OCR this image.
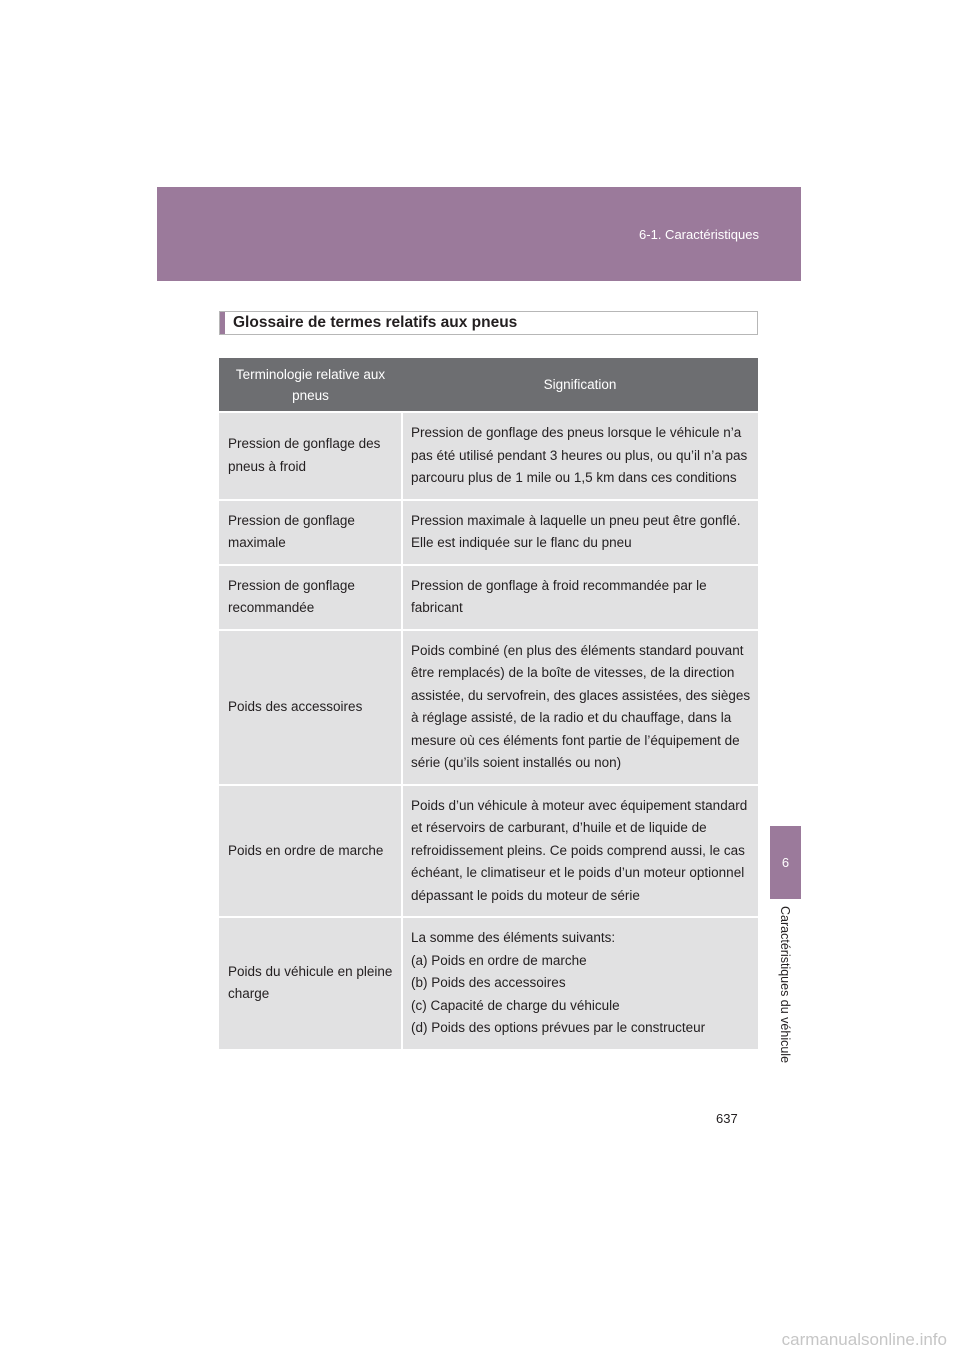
6-1. Caractéristiques
6
Caractéristiques du véhicule
Glossaire de termes relatifs aux pneus
Terminologie relative aux pneus	Signification
Pression de gonflage des pneus à froid	Pression de gonflage des pneus lorsque le véhicule n’a pas été utilisé pendant 3 heures ou plus, ou qu’il n’a pas parcouru plus de 1 mile ou 1,5 km dans ces conditions
Pression de gonflage maximale	Pression maximale à laquelle un pneu peut être gonflé. Elle est indiquée sur le flanc du pneu
Pression de gonflage recommandée	Pression de gonflage à froid recommandée par le fabricant
Poids des accessoires	Poids combiné (en plus des éléments standard pouvant être remplacés) de la boîte de vitesses, de la direction assistée, du servofrein, des glaces assistées, des sièges à réglage assisté, de la radio et du chauffage, dans la mesure où ces éléments font partie de l’équipement de série (qu’ils soient installés ou non)
Poids en ordre de marche	Poids d’un véhicule à moteur avec équipement standard et réservoirs de carburant, d’huile et de liquide de refroidissement pleins. Ce poids comprend aussi, le cas échéant, le climatiseur et le poids d’un moteur optionnel dépassant le poids du moteur de série
Poids du véhicule en pleine charge	La somme des éléments suivants:
(a) Poids en ordre de marche
(b) Poids des accessoires
(c) Capacité de charge du véhicule
(d) Poids des options prévues par le constructeur
637
carmanualsonline.info
